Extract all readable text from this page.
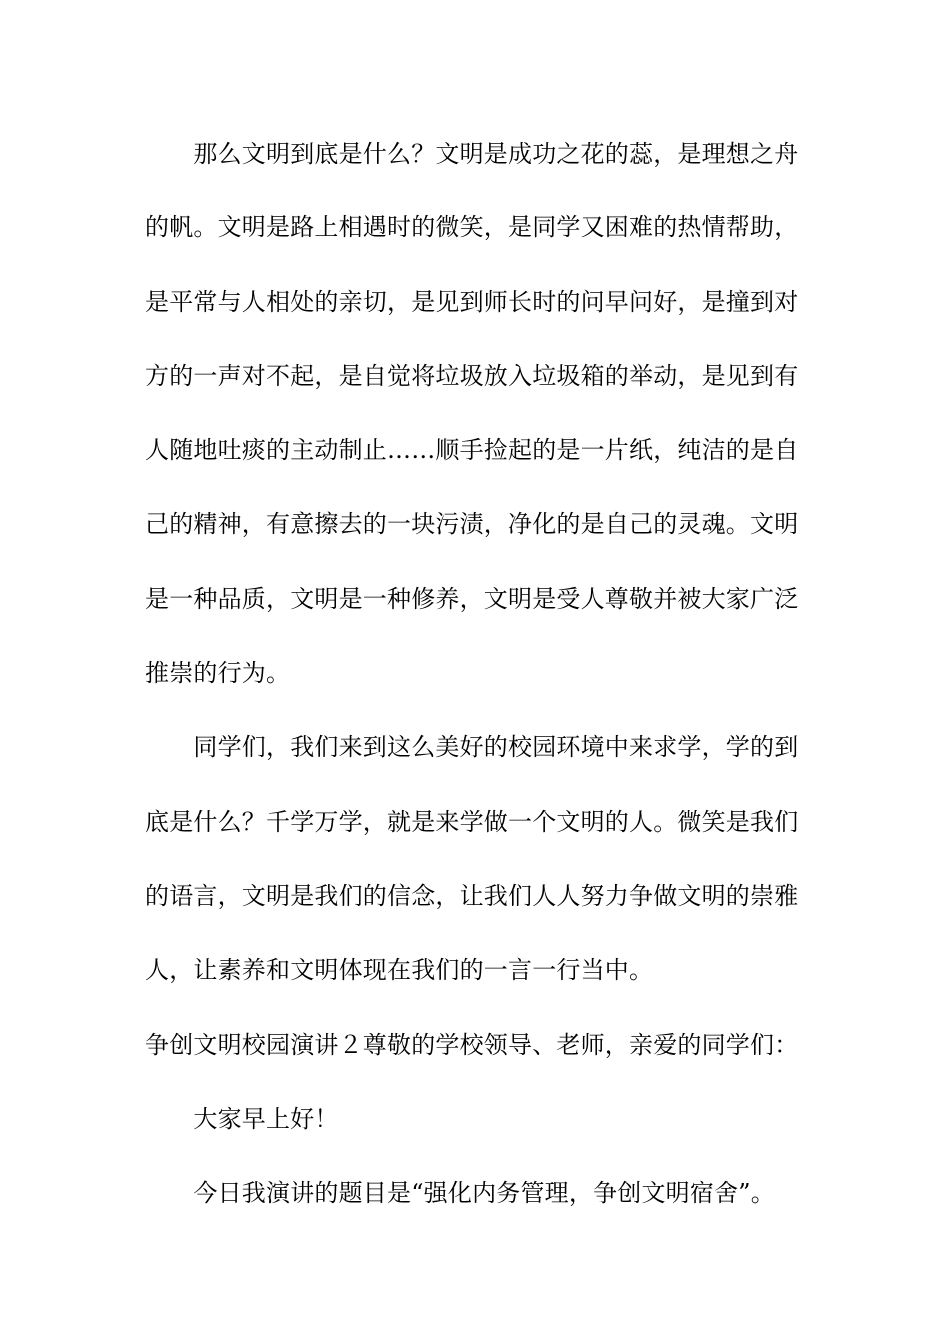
　　那么文明到底是什么？文明是成功之花的蕊，是理想之舟
的帆。文明是路上相遇时的微笑，是同学又困难的热情帮助，
是平常与人相处的亲切，是见到师长时的问早问好，是撞到对
方的一声对不起，是自觉将垃圾放入垃圾箱的举动，是见到有
人随地吐痰的主动制止……顺手捡起的是一片纸，纯洁的是自
己的精神，有意擦去的一块污渍，净化的是自己的灵魂。文明
是一种品质，文明是一种修养，文明是受人尊敬并被大家广泛
推崇的行为。
　　同学们，我们来到这么美好的校园环境中来求学，学的到
底是什么？千学万学，就是来学做一个文明的人。微笑是我们
的语言，文明是我们的信念，让我们人人努力争做文明的崇雅
人，让素养和文明体现在我们的一言一行当中。
争创文明校园演讲２尊敬的学校领导、老师，亲爱的同学们：
　　大家早上好！
　　今日我演讲的题目是“强化内务管理，争创文明宿舍”。
